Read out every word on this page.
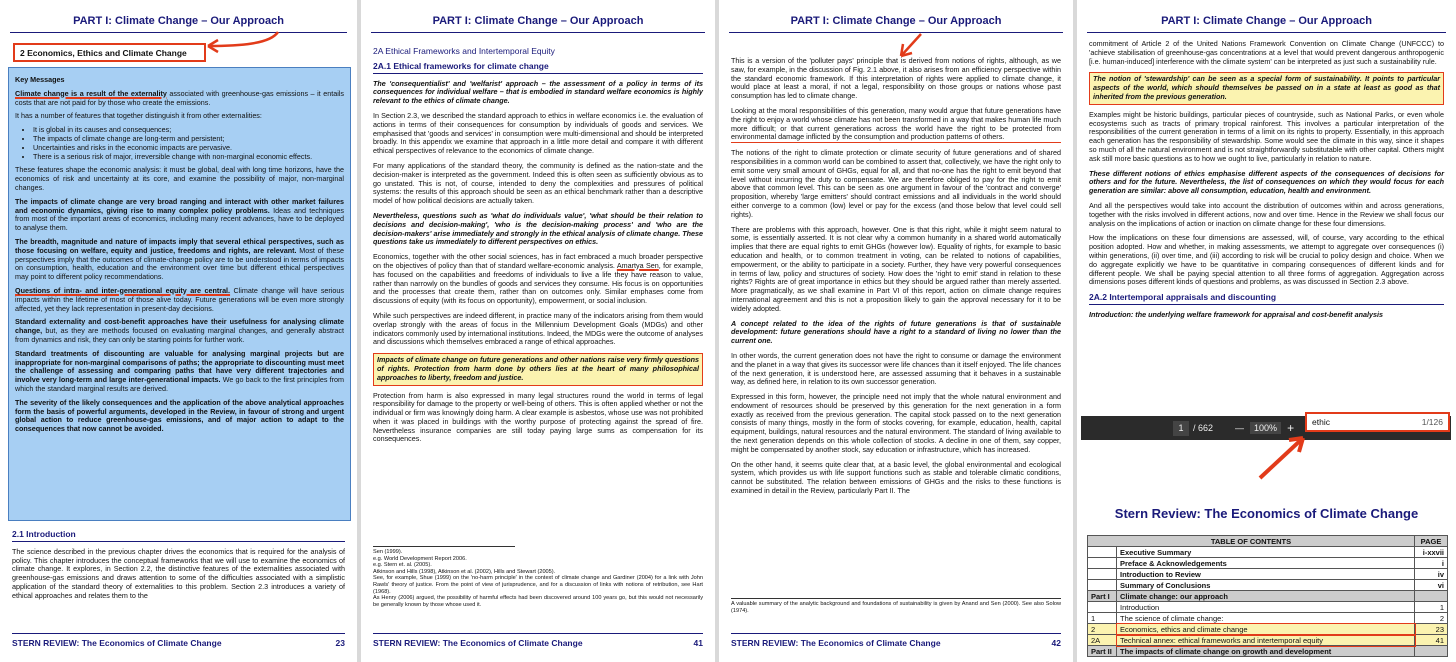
PART I: Climate Change – Our Approach
2 Economics, Ethics and Climate Change

Key Messages

Climate change is a result of the externality associated with greenhouse-gas emissions – it entails costs that are not paid for by those who create the emissions.

It has a number of features that together distinguish it from other externalities:

• It is global in its causes and consequences;
• The impacts of climate change are long-term and persistent;
• Uncertainties and risks in the economic impacts are pervasive.
• There is a serious risk of major, irreversible change with non-marginal economic effects.

These features shape the economic analysis: it must be global, deal with long time horizons, have the economics of risk and uncertainty at its core, and examine the possibility of major, non-marginal changes.

The impacts of climate change are very broad ranging and interact with other market failures and economic dynamics, giving rise to many complex policy problems. Ideas and techniques from most of the important areas of economics, including many recent advances, have to be deployed to analyse them.

The breadth, magnitude and nature of impacts imply that several ethical perspectives, such as those focusing on welfare, equity and justice, freedoms and rights, are relevant. Most of these perspectives imply that the outcomes of climate-change policy are to be understood in terms of impacts on consumption, health, education and the environment over time but different ethical perspectives may point to different policy recommendations.

Questions of intra- and inter-generational equity are central. Climate change will have serious impacts within the lifetime of most of those alive today. Future generations will be even more strongly affected, yet they lack representation in present-day decisions.

Standard externality and cost-benefit approaches have their usefulness for analysing climate change, but, as they are methods focused on evaluating marginal changes, and generally abstract from dynamics and risk, they can only be starting points for further work.

Standard treatments of discounting are valuable for analysing marginal projects but are inappropriate for non-marginal comparisons of paths; the appropriate to discounting must meet the challenge of assessing and comparing paths that have very different trajectories and involve very long-term and large inter-generational impacts. We go back to the first principles from which the standard marginal results are derived.

The severity of the likely consequences and the application of the above analytical approaches form the basis of powerful arguments, developed in the Review, in favour of strong and urgent global action to reduce greenhouse-gas emissions, and of major action to adapt to the consequences that now cannot be avoided.

2.1 Introduction

The science described in the previous chapter drives the economics that is required for the analysis of policy. This chapter introduces the conceptual frameworks that we will use to examine the economics of climate change. It explores, in Section 2.2, the distinctive features of the externalities associated with greenhouse-gas emissions and draws attention to some of the difficulties associated with a simplistic application of the standard theory of externalities to this problem. Section 2.3 introduces a variety of ethical approaches and relates them to the

STERN REVIEW: The Economics of Climate Change	23
PART I: Climate Change – Our Approach

2A Ethical Frameworks and Intertemporal Equity

2A.1 Ethical frameworks for climate change

The 'consequentialist' and 'welfarist' approach – the assessment of a policy in terms of its consequences for individual welfare – that is embodied in standard welfare economics is highly relevant to the ethics of climate change.

In Section 2.3, we described the standard approach to ethics in welfare economics i.e. the evaluation of actions in terms of their consequences for consumption by individuals of goods and services. We emphasised that 'goods and services' in consumption were multi-dimensional and should be interpreted broadly. In this appendix we examine that approach in a little more detail and compare it with different ethical perspectives of relevance to the economics of climate change.

For many applications of the standard theory, the community is defined as the nation-state and the decision-maker is interpreted as the government. Indeed this is often seen as sufficiently obvious as to go unstated. This is not, of course, intended to deny the complexities and pressures of political systems: the results of this approach should be seen as an ethical benchmark rather than a descriptive model of how political decisions are actually taken.

Nevertheless, questions such as 'what do individuals value', 'what should be their relation to decisions and decision-making', 'who is the decision-making process' and 'who are the decision-makers' arise immediately and strongly in the ethical analysis of climate change. These questions take us immediately to different perspectives on ethics.

Economics, together with the other social sciences, has in fact embraced a much broader perspective on the objectives of policy than that of standard welfare-economic analysis. Amartya Sen, for example, has focused on the capabilities and freedoms of individuals to live a life they have reason to value, rather than narrowly on the bundles of goods and services they consume. His focus is on opportunities and the processes that create them, rather than on outcomes only. Similar emphases come from discussions of equity (with its focus on opportunity), empowerment, or social inclusion.

While such perspectives are indeed different, in practice many of the indicators arising from them would overlap strongly with the areas of focus in the Millennium Development Goals (MDGs) and other indicators commonly used by international institutions. Indeed, the MDGs were the outcome of analyses and discussions which themselves embraced a range of ethical approaches.

Impacts of climate change on future generations and other nations raise very firmly questions of rights. Protection from harm done by others lies at the heart of many philosophical approaches to liberty, freedom and justice.

Protection from harm is also expressed in many legal structures round the world in terms of legal responsibility for damage to the property or well-being of others. This is often applied whether or not the individual or firm was knowingly doing harm. A clear example is asbestos, whose use was not prohibited when it was placed in buildings with the worthy purpose of protecting against the spread of fire. Nevertheless insurance companies are still today paying large sums as compensation for its consequences.

Sen (1999).
e.g. World Development Report 2006.
e.g. Stern et. al. (2005).
Atkinson and Hills (1998), Atkinson et al. (2002), Hills and Stewart (2005).
See, for example, Shue (1999) on the 'no-harm principle' in the context of climate change and Gardiner (2004) for a link with John Rawls' theory of justice. From the point of view of jurisprudence, and for a discussion of links with notions of retribution, see Hart (1968).
As Henry (2006) argued, the possibility of harmful effects had been discovered around 100 years go, but this would not necessarily be generally known by those whose used it.
STERN REVIEW: The Economics of Climate Change	41
PART I: Climate Change – Our Approach

This is a version of the 'polluter pays' principle that is derived from notions of rights, although, as we saw, for example, in the discussion of Fig. 2.1 above, it also arises from an efficiency perspective within the standard economic framework. If this interpretation of rights were applied to climate change, it would place at least a moral, if not a legal, responsibility on those groups or nations whose past consumption has led to climate change.

Looking at the moral responsibilities of this generation, many would argue that future generations have the right to enjoy a world whose climate has not been transformed in a way that makes human life much more difficult; or that current generations across the world have the right to be protected from environmental damage inflicted by the consumption and production patterns of others.

The notions of the right to climate protection or climate security of future generations and of shared responsibilities in a common world can be combined to assert that, collectively, we have the right only to emit some very small amount of GHGs, equal for all, and that no-one has the right to emit beyond that level without incurring the duty to compensate. We are therefore obliged to pay for the right to emit above that common level. This can be seen as one argument in favour of the 'contract and converge' proposition, whereby 'large emitters' should contract emissions and all individuals in the world should either converge to a common (low) level or pay for the excess (and those below that level could sell rights).

There are problems with this approach, however. One is that this right, while it might seem natural to some, is essentially asserted. It is not clear why a common humanity in a shared world automatically implies that there are equal rights to emit GHGs (however low). Equality of rights, for example to basic education and health, or to common treatment in voting, can be related to notions of capabilities, empowerment, or the ability to participate in a society. Further, they have very powerful consequences in terms of law, policy and structures of society. How does the 'right to emit' stand in relation to these rights? Rights are of great importance in ethics but they should be argued rather than merely asserted. More pragmatically, as we shall examine in Part VI of this report, action on climate change requires international agreement and this is not a proposition likely to gain the approval necessary for it to be widely adopted.

A concept related to the idea of the rights of future generations is that of sustainable development: future generations should have a right to a standard of living no lower than the current one.

In other words, the current generation does not have the right to consume or damage the environment and the planet in a way that gives its successor were life chances than it itself enjoyed. The life chances of the next generation, it is understood here, are assessed assuming that it behaves in a sustainable way, as defined here, in relation to its own successor generation.

Expressed in this form, however, the principle need not imply that the whole natural environment and endowment of resources should be preserved by this generation for the next generation in a form exactly as received from the previous generation. The capital stock passed on to the next generation consists of many things, mostly in the form of stocks covering, for example, education, health, capital equipment, buildings, natural resources and the natural environment. The standard of living available to the next generation depends on this whole collection of stocks. A decline in one of them, say copper, might be compensated by another stock, say education or infrastructure, which has increased.

On the other hand, it seems quite clear that, at a basic level, the global environmental and ecological system, which provides us with life support functions such as stable and tolerable climatic conditions, cannot be substituted. The relation between emissions of GHGs and the risks to these functions is examined in detail in the Review, particularly Part II. The

A valuable summary of the analytic background and foundations of sustainability is given by Anand and Sen (2000). See also Solow (1974).
STERN REVIEW: The Economics of Climate Change	42
PART I: Climate Change – Our Approach

commitment of Article 2 of the United Nations Framework Convention on Climate Change (UNFCCC) to 'achieve stabilisation of greenhouse-gas concentrations at a level that would prevent dangerous anthropogenic [i.e. human-induced] interference with the climate system' can be interpreted as just such a sustainability rule.

The notion of 'stewardship' can be seen as a special form of sustainability. It points to particular aspects of the world, which should themselves be passed on in a state at least as good as that inherited from the previous generation.

Examples might be historic buildings, particular pieces of countryside, such as National Parks, or even whole ecosystems such as tracts of primary tropical rainforest. This involves a particular interpretation of the responsibilities of the current generation in terms of a limit on its rights to property. Essentially, in this approach each generation has the responsibility of stewardship. Some would see the climate in this way, since it shapes so much of all the natural environment and is not straightforwardly substitutable with other capital. Others might ask still more basic questions as to how we ought to live, particularly in relation to nature.

These different notions of ethics emphasise different aspects of the consequences of decisions for others and for the future. Nevertheless, the list of consequences on which they would focus for each generation are similar: above all consumption, education, health and environment.

And all the perspectives would take into account the distribution of outcomes within and across generations, together with the risks involved in different actions, now and over time. Hence in the Review we shall focus our analysis on the implications of action or inaction on climate change for these four dimensions.

How the implications on these four dimensions are assessed, will, of course, vary according to the ethical position adopted. How and whether, in making assessments, we attempt to aggregate over consequences (i) within generations, (ii) over time, and (iii) according to risk will be crucial to policy design and choice. When we do aggregate explicitly we have to be quantitative in comparing consequences of different kinds and for different people. We shall be paying special attention to all three forms of aggregation. Aggregation across dimensions poses different kinds of questions and problems, as was discussed in Section 2.3 above.

2A.2 Intertemporal appraisals and discounting

Introduction: the underlying welfare framework for appraisal and cost-benefit analysis

Stern Review: The Economics of Climate Change
1	/ 662 —	100% + ethic	1/126
TABLE OF CONTENTS		PAGE
	Executive Summary	i-xxvii
	Preface & Acknowledgements	i
	Introduction to Review	iv
	Summary of Conclusions	vi
Part I	Climate change: our approach	
	Introduction	1
1	The science of climate change:	2
2	Economics, ethics and climate change	23
2A	Technical annex: ethical frameworks and intertemporal equity	41
Part II	The impacts of climate change on growth and development	
